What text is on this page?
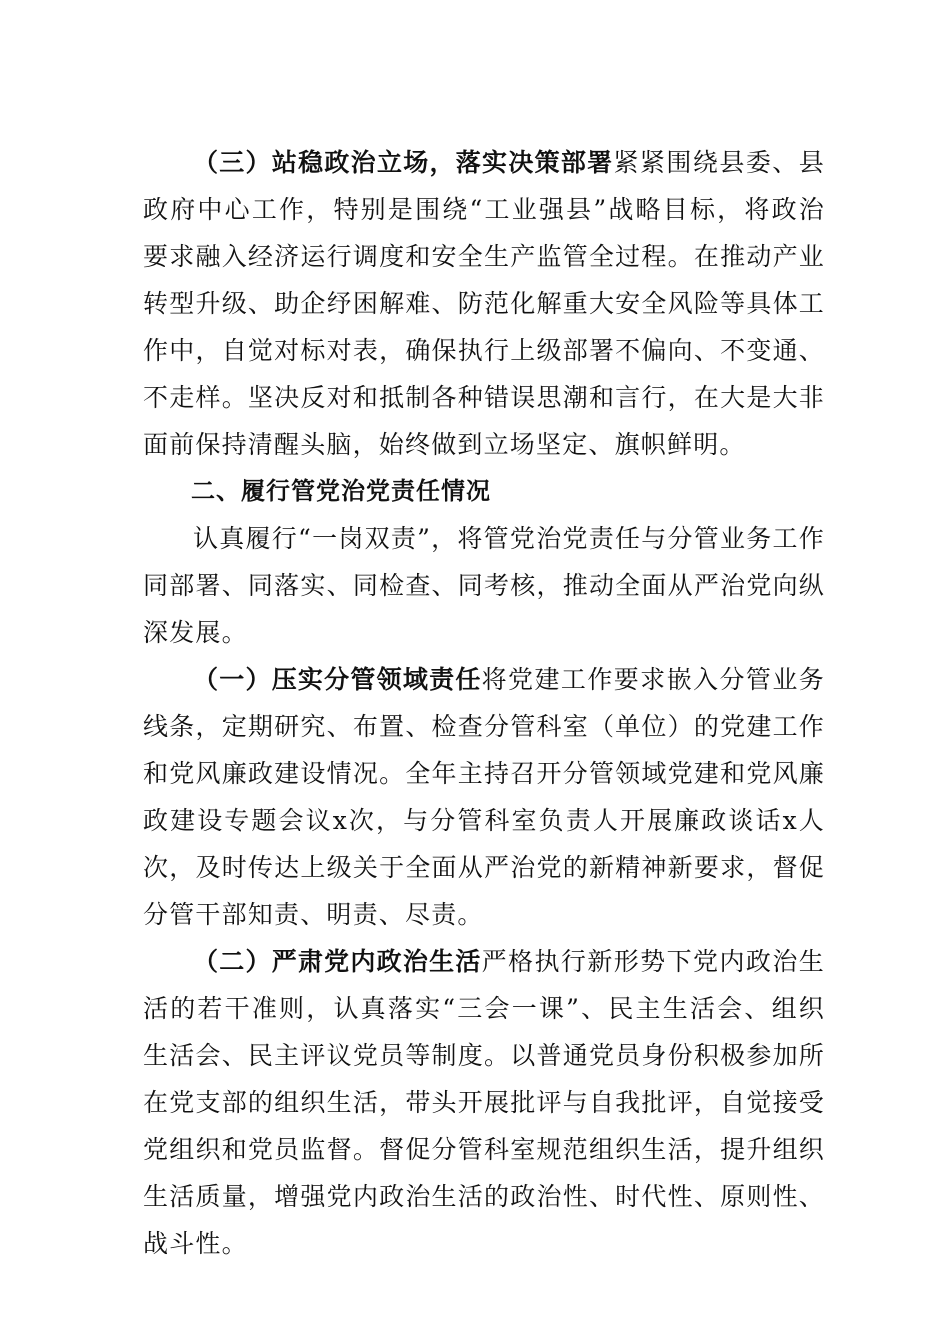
（三）站稳政治立场，落实决策部署紧紧围绕县委、县政府中心工作，特别是围绕“工业强县”战略目标，将政治要求融入经济运行调度和安全生产监管全过程。在推动产业转型升级、助企纾困解难、防范化解重大安全风险等具体工作中，自觉对标对表，确保执行上级部署不偏向、不变通、不走样。坚决反对和抵制各种错误思潮和言行，在大是大非面前保持清醒头脑，始终做到立场坚定、旗帜鲜明。

二、履行管党治党责任情况

认真履行“一岗双责”，将管党治党责任与分管业务工作同部署、同落实、同检查、同考核，推动全面从严治党向纵深发展。

（一）压实分管领域责任将党建工作要求嵌入分管业务线条，定期研究、布置、检查分管科室（单位）的党建工作和党风廉政建设情况。全年主持召开分管领域党建和党风廉政建设专题会议x次，与分管科室负责人开展廉政谈话x人次，及时传达上级关于全面从严治党的新精神新要求，督促分管干部知责、明责、尽责。

（二）严肃党内政治生活严格执行新形势下党内政治生活的若干准则，认真落实“三会一课”、民主生活会、组织生活会、民主评议党员等制度。以普通党员身份积极参加所在党支部的组织生活，带头开展批评与自我批评，自觉接受党组织和党员监督。督促分管科室规范组织生活，提升组织生活质量，增强党内政治生活的政治性、时代性、原则性、战斗性。
